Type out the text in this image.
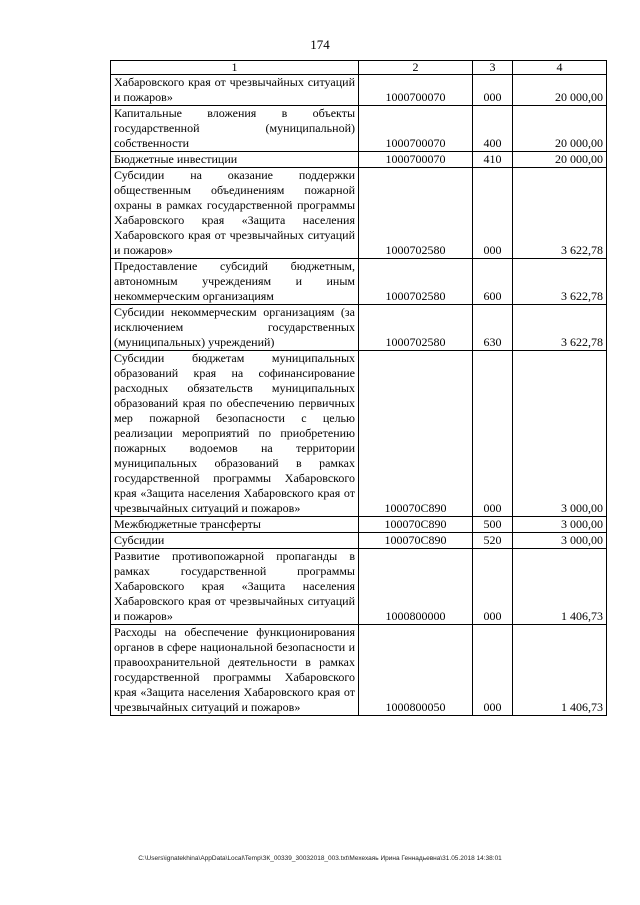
174
1	2	3	4
Хабаровского края от чрезвычайных ситуаций и пожаров»	1000700070	000	20 000,00
Капитальные вложения в объекты государственной (муниципальной) собственности	1000700070	400	20 000,00
Бюджетные инвестиции	1000700070	410	20 000,00
Субсидии на оказание поддержки общественным объединениям пожарной охраны в рамках государственной программы Хабаровского края «Защита населения Хабаровского края от чрезвычайных ситуаций и пожаров»	1000702580	000	3 622,78
Предоставление субсидий бюджетным, автономным учреждениям и иным некоммерческим организациям	1000702580	600	3 622,78
Субсидии некоммерческим организациям (за исключением государственных (муниципальных) учреждений)	1000702580	630	3 622,78
Субсидии бюджетам муниципальных образований края на софинансирование расходных обязательств муниципальных образований края по обеспечению первичных мер пожарной безопасности с целью реализации мероприятий по приобретению пожарных водоемов на территории муниципальных образований в рамках государственной программы Хабаровского края «Защита населения Хабаровского края от чрезвычайных ситуаций и пожаров»	100070С890	000	3 000,00
Межбюджетные трансферты	100070С890	500	3 000,00
Субсидии	100070С890	520	3 000,00
Развитие противопожарной пропаганды в рамках государственной программы Хабаровского края «Защита населения Хабаровского края от чрезвычайных ситуаций и пожаров»	1000800000	000	1 406,73
Расходы на обеспечение функционирования органов в сфере национальной безопасности и правоохранительной деятельности в рамках государственной программы Хабаровского края «Защита населения Хабаровского края от чрезвычайных ситуаций и пожаров»	1000800050	000	1 406,73
C:\Users\ignatekhina\AppData\Local\Temp\ЗК_00339_30032018_003.txt\Мехехаяь Ирина Геннадьевна\31.05.2018 14:38:01
